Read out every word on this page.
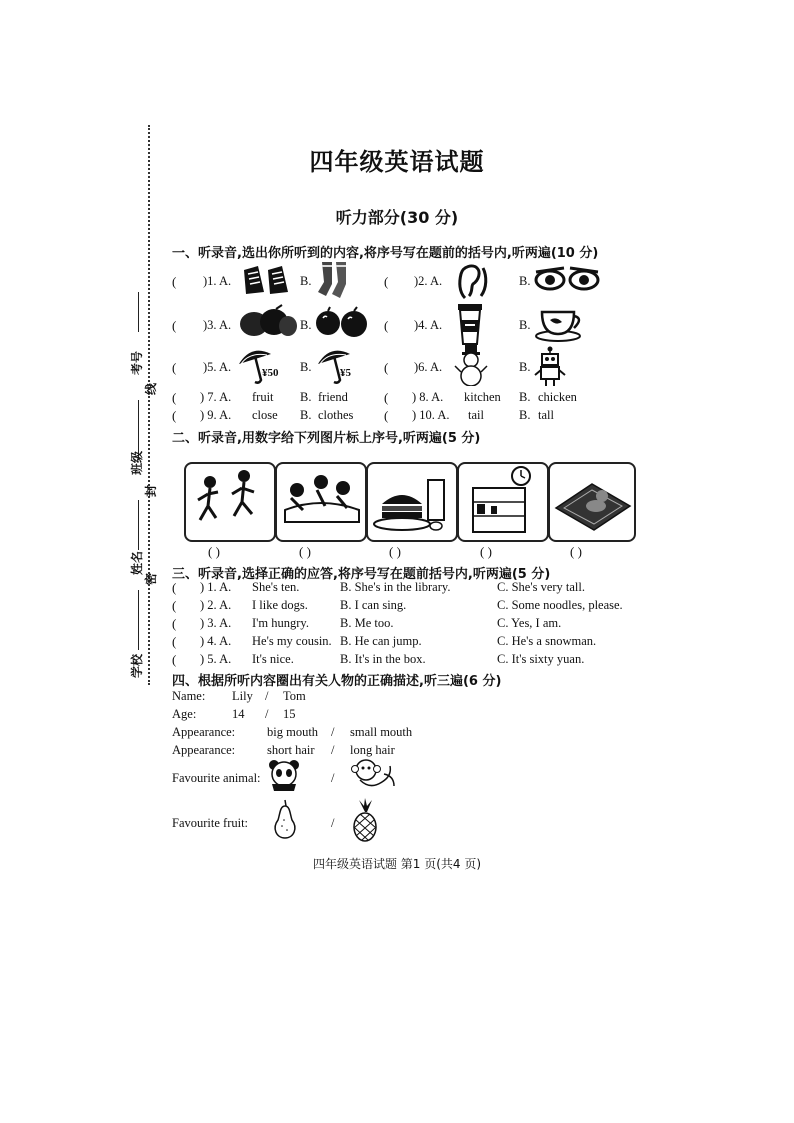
考号
线
班级
封
姓名
密
学校
四年级英语试题
听力部分(30 分)
一、听录音,选出你所听到的内容,将序号写在题前的括号内,听两遍(10 分)
( )1. A.	B.	( )2. A.	B.
( )3. A.	B.	( )4. A.	B.
( )5. A.	¥50 B.	¥5	( )6. A.	B.
( ) 7. A. fruit B. friend	( ) 8. A. kitchen B. chicken
( ) 9. A. close B. clothes ( ) 10. A. tail	B. tall
二、听录音,用数字给下列图片标上序号,听两遍(5 分)
( )	( )	( )	( )	( )
三、听录音,选择正确的应答,将序号写在题前括号内,听两遍(5 分)
( ) 1. A. She's ten.	B. She's in the library.	C. She's very tall.
( ) 2. A. I like dogs.	B. I can sing.	C. Some noodles, please.
( ) 3. A. I'm hungry. B. Me too.	C. Yes, I am.
( ) 4. A. He's my cousin. B. He can jump.	C. He's a snowman.
( ) 5. A. It's nice.	B. It's in the box.	C. It's sixty yuan.
四、根据所听内容圈出有关人物的正确描述,听三遍(6 分)
Name: Lily / Tom
Age:	14 / 15
Appearance:	big mouth / small mouth
Appearance:	short hair / long hair
Favourite animal:	/
Favourite fruit:	/
四年级英语试题 第1 页(共4 页)
